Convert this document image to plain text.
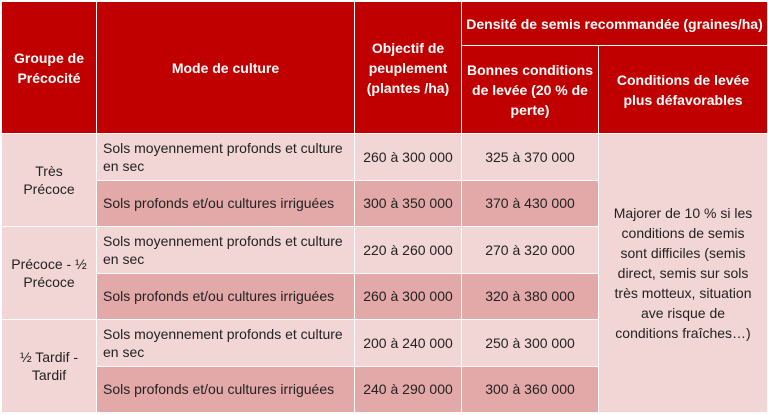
Groupe de Précocité	Mode de culture	Objectif de peuplement (plantes /ha)	Densité de semis recommandée (graines/ha)	
			Bonnes conditions de levée (20 % de perte)	Conditions de levée plus défavorables
Très Précoce	Sols moyennement profonds et culture en sec	260 à 300 000	325 à 370 000	Majorer de 10 % si les conditions de semis sont difficiles (semis direct, semis sur sols très motteux, situation ave risque de conditions fraîches…)
	Sols profonds et/ou cultures irriguées	300 à 350 000	370 à 430 000	
Précoce - ½ Précoce	Sols moyennement profonds et culture en sec	220 à 260 000	270 à 320 000	
	Sols profonds et/ou cultures irriguées	260 à 300 000	320 à 380 000	
½ Tardif - Tardif	Sols moyennement profonds et culture en sec	200 à 240 000	250 à 300 000	
	Sols profonds et/ou cultures irriguées	240 à 290 000	300 à 360 000	
